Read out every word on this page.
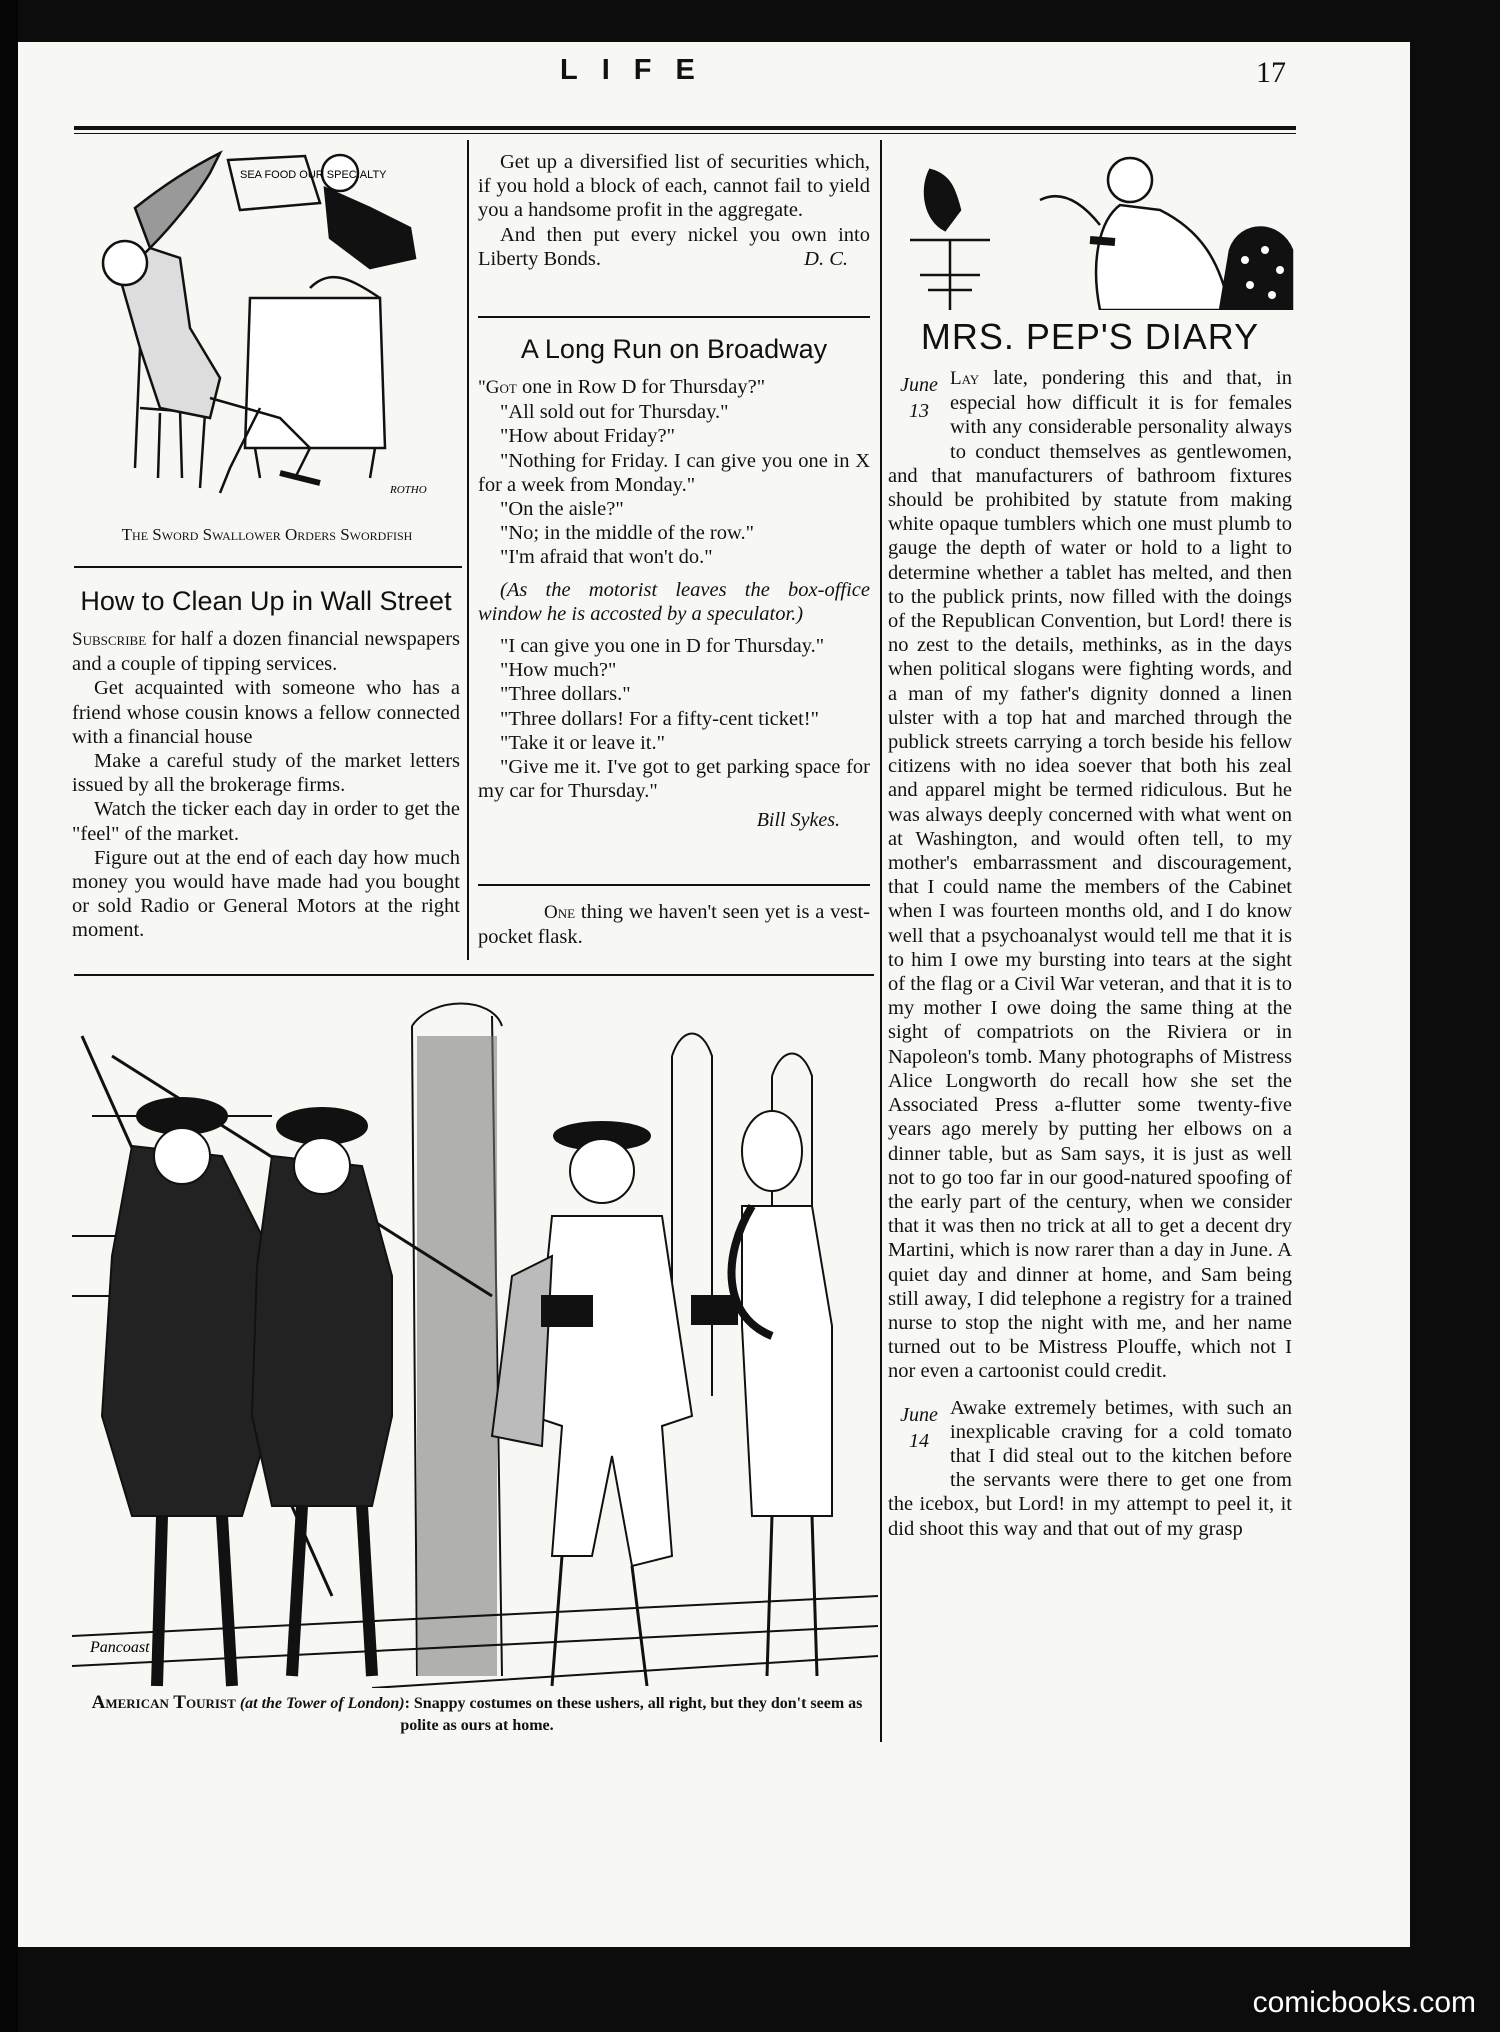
LIFE	17
SEA FOOD OUR SPECIALTY
ROTHO
The Sword Swallower Orders Swordfish
How to Clean Up in Wall Street

Subscribe for half a dozen financial newspapers and a couple of tipping services.

Get acquainted with someone who has a friend whose cousin knows a fellow connected with a financial house

Make a careful study of the market letters issued by all the brokerage firms.

Watch the ticker each day in order to get the "feel" of the market.

Figure out at the end of each day how much money you would have made had you bought or sold Radio or General Motors at the right moment.

Get up a diversified list of securities which, if you hold a block of each, cannot fail to yield you a handsome profit in the aggregate.

And then put every nickel you own into Liberty Bonds.	D. C.

A Long Run on Broadway

"Got one in Row D for Thursday?"

"All sold out for Thursday."

"How about Friday?"

"Nothing for Friday. I can give you one in X for a week from Monday."

"On the aisle?"

"No; in the middle of the row."

"I'm afraid that won't do."

(As the motorist leaves the box-office window he is accosted by a speculator.)

"I can give you one in D for Thursday."

"How much?"

"Three dollars."

"Three dollars! For a fifty-cent ticket!"

"Take it or leave it."

"Give me it. I've got to get parking space for my car for Thursday."

Bill Sykes.

One thing we haven't seen yet is a vest-pocket flask.

Pancoast
American Tourist (at the Tower of London): Snappy costumes on these ushers, all right, but they don't seem as polite as ours at home.
MRS. PEP'S DIARY
June
13

Lay late, pondering this and that, in especial how difficult it is for females with any considerable personality always to conduct themselves as gentlewomen, and that manufacturers of bathroom fixtures should be prohibited by statute from making white opaque tumblers which one must plumb to gauge the depth of water or hold to a light to determine whether a tablet has melted, and then to the publick prints, now filled with the doings of the Republican Convention, but Lord! there is no zest to the details, methinks, as in the days when political slogans were fighting words, and a man of my father's dignity donned a linen ulster with a top hat and marched through the publick streets carrying a torch beside his fellow citizens with no idea soever that both his zeal and apparel might be termed ridiculous. But he was always deeply concerned with what went on at Washington, and would often tell, to my mother's embarrassment and discouragement, that I could name the members of the Cabinet when I was fourteen months old, and I do know well that a psychoanalyst would tell me that it is to him I owe my bursting into tears at the sight of the flag or a Civil War veteran, and that it is to my mother I owe doing the same thing at the sight of compatriots on the Riviera or in Napoleon's tomb. Many photographs of Mistress Alice Longworth do recall how she set the Associated Press a-flutter some twenty-five years ago merely by putting her elbows on a dinner table, but as Sam says, it is just as well not to go too far in our good-natured spoofing of the early part of the century, when we consider that it was then no trick at all to get a decent dry Martini, which is now rarer than a day in June. A quiet day and dinner at home, and Sam being still away, I did telephone a registry for a trained nurse to stop the night with me, and her name turned out to be Mistress Plouffe, which not I nor even a cartoonist could credit.

June
14

Awake extremely betimes, with such an inexplicable craving for a cold tomato that I did steal out to the kitchen before the servants were there to get one from the icebox, but Lord! in my attempt to peel it, it did shoot this way and that out of my grasp

comicbooks.com
